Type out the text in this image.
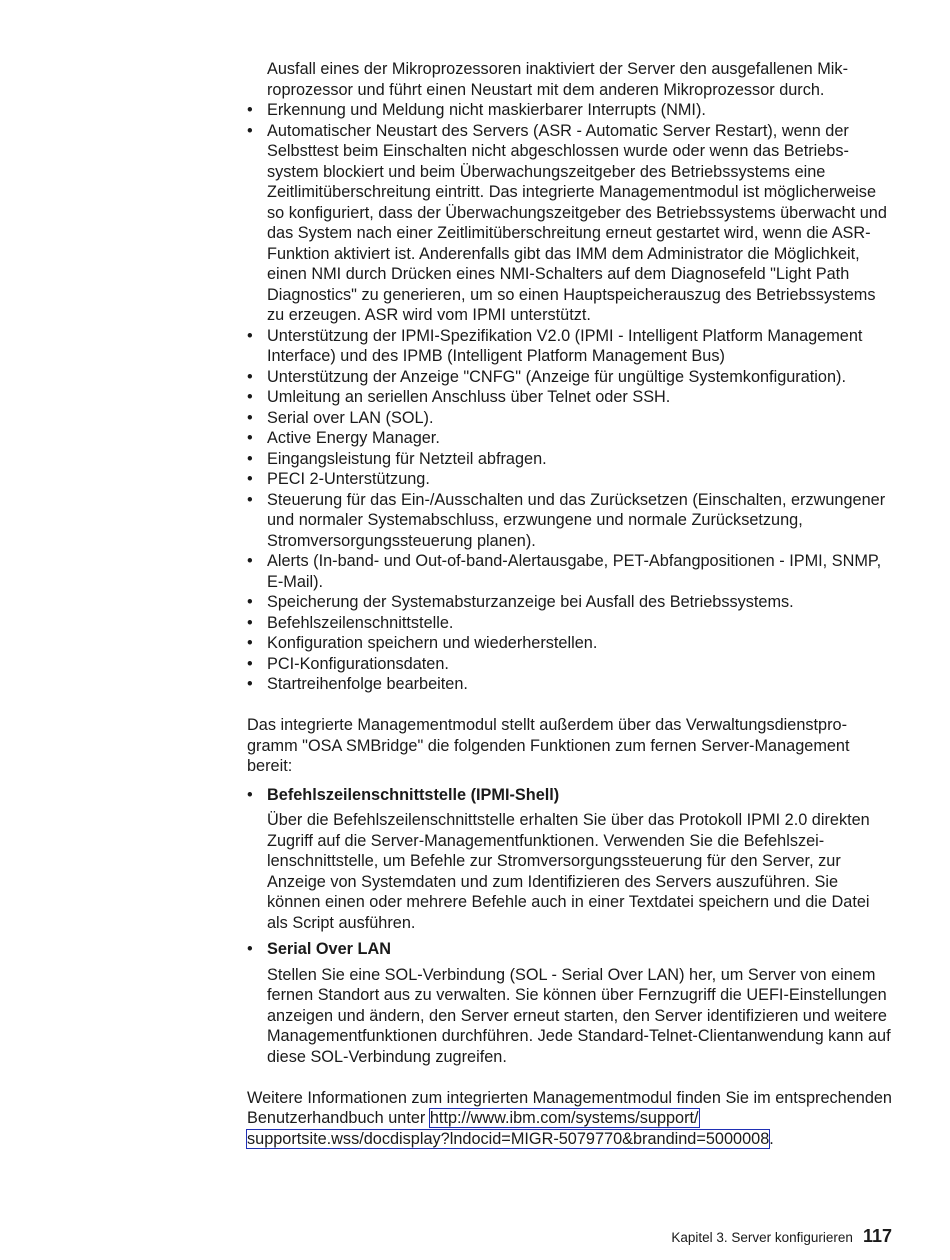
Ausfall eines der Mikroprozessoren inaktiviert der Server den ausgefallenen Mikroprozessor und führt einen Neustart mit dem anderen Mikroprozessor durch.

• Erkennung und Meldung nicht maskierbarer Interrupts (NMI).
• Automatischer Neustart des Servers (ASR - Automatic Server Restart), wenn der Selbsttest beim Einschalten nicht abgeschlossen wurde oder wenn das Betriebssystem blockiert und beim Überwachungszeitgeber des Betriebssystems eine Zeitlimitüberschreitung eintritt. Das integrierte Managementmodul ist möglicherweise so konfiguriert, dass der Überwachungszeitgeber des Betriebssystems überwacht und das System nach einer Zeitlimitüberschreitung erneut gestartet wird, wenn die ASR-Funktion aktiviert ist. Anderenfalls gibt das IMM dem Administrator die Möglichkeit, einen NMI durch Drücken eines NMI-Schalters auf dem Diagnosefeld "Light Path Diagnostics" zu generieren, um so einen Hauptspeicherauszug des Betriebssystems zu erzeugen. ASR wird vom IPMI unterstützt.
• Unterstützung der IPMI-Spezifikation V2.0 (IPMI - Intelligent Platform Management Interface) und des IPMB (Intelligent Platform Management Bus)
• Unterstützung der Anzeige "CNFG" (Anzeige für ungültige Systemkonfiguration).
• Umleitung an seriellen Anschluss über Telnet oder SSH.
• Serial over LAN (SOL).
• Active Energy Manager.
• Eingangsleistung für Netzteil abfragen.
• PECI 2-Unterstützung.
• Steuerung für das Ein-/Ausschalten und das Zurücksetzen (Einschalten, erzwungener und normaler Systemabschluss, erzwungene und normale Zurücksetzung, Stromversorgungssteuerung planen).
• Alerts (In-band- und Out-of-band-Alertausgabe, PET-Abfangpositionen - IPMI, SNMP, E-Mail).
• Speicherung der Systemabsturzanzeige bei Ausfall des Betriebssystems.
• Befehlszeilenschnittstelle.
• Konfiguration speichern und wiederherstellen.
• PCI-Konfigurationsdaten.
• Startreihenfolge bearbeiten.

Das integrierte Managementmodul stellt außerdem über das Verwaltungsdienstprogramm "OSA SMBridge" die folgenden Funktionen zum fernen Server-Management bereit:

• Befehlszeilenschnittstelle (IPMI-Shell)

Über die Befehlszeilenschnittstelle erhalten Sie über das Protokoll IPMI 2.0 direkten Zugriff auf die Server-Managementfunktionen. Verwenden Sie die Befehlszeilenschnittstelle, um Befehle zur Stromversorgungssteuerung für den Server, zur Anzeige von Systemdaten und zum Identifizieren des Servers auszuführen. Sie können einen oder mehrere Befehle auch in einer Textdatei speichern und die Datei als Script ausführen.

• Serial Over LAN

Stellen Sie eine SOL-Verbindung (SOL - Serial Over LAN) her, um Server von einem fernen Standort aus zu verwalten. Sie können über Fernzugriff die UEFI-Einstellungen anzeigen und ändern, den Server erneut starten, den Server identifizieren und weitere Managementfunktionen durchführen. Jede Standard-Telnet-Clientanwendung kann auf diese SOL-Verbindung zugreifen.

Weitere Informationen zum integrierten Managementmodul finden Sie im entsprechenden Benutzerhandbuch unter http://www.ibm.com/systems/support/
supportsite.wss/docdisplay?lndocid=MIGR-5079770&brandind=5000008.

Kapitel 3. Server konfigurieren 117
